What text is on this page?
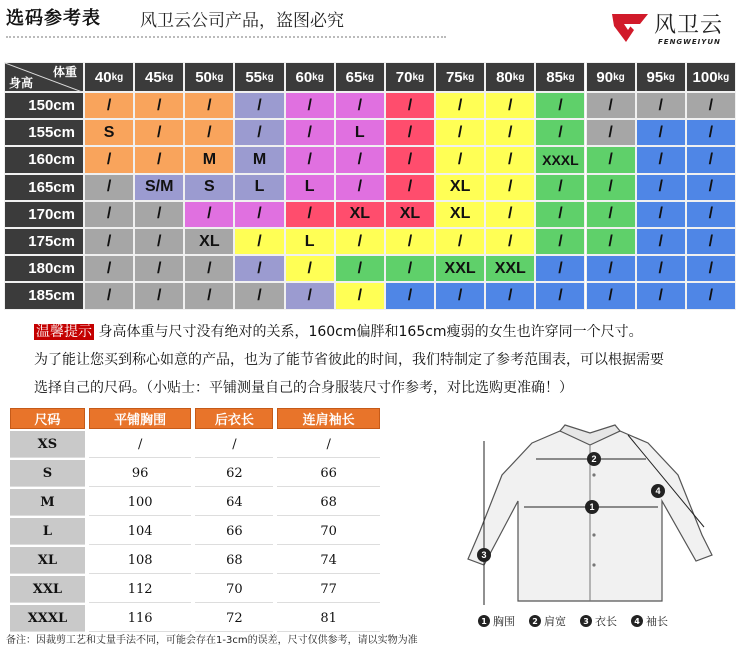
选码参考表 风卫云公司产品，盗图必究	风卫云
FENGWEIYUN
体重
身高	40 kg 45 kg 50 kg 55 kg 60 kg 65 kg 70 kg 75 kg 80 kg 85 kg 90 kg 95 kg 100 kg
150cm	/	/	/	/	/	/	/	/	/	/	/	/	/
155cm	S	/	/	/	/	L	/	/	/	/	/	/	/
160cm	/	/	M	M	/	/	/	/	/	XXXL	/	/	/
165cm	/	S/M	S	L	L	/	/	XL	/	/	/	/	/
170cm	/	/	/	/	/	XL	XL	XL	/	/	/	/	/
175cm	/	/	XL	/	L	/	/	/	/	/	/	/	/
180cm	/	/	/	/	/	/	/	XXL	XXL	/	/	/	/
185cm	/	/	/	/	/	/	/	/	/	/	/	/	/
温馨提示 身高体重与尺寸没有绝对的关系，160cm偏胖和165cm瘦弱的女生也许穿同一个尺寸。
为了能让您买到称心如意的产品，也为了能节省彼此的时间，我们特制定了参考范围表，可以根据需要
选择自己的尺码。（小贴士：平铺测量自己的合身服装尺寸作参考，对比选购更准确！）
尺码	平铺胸围	后衣长	连肩袖长
XS	/	/	/
S	96	62	66
M	100	64	68
L	104	66	70
XL	108	68	74
XXL	112	70	77
XXXL	116	72	81
1
2
3
4
1 胸围	2 肩宽	3 衣长	4 袖长
备注：因裁剪工艺和丈量手法不同，可能会存在1-3cm的误差，尺寸仅供参考，请以实物为准
